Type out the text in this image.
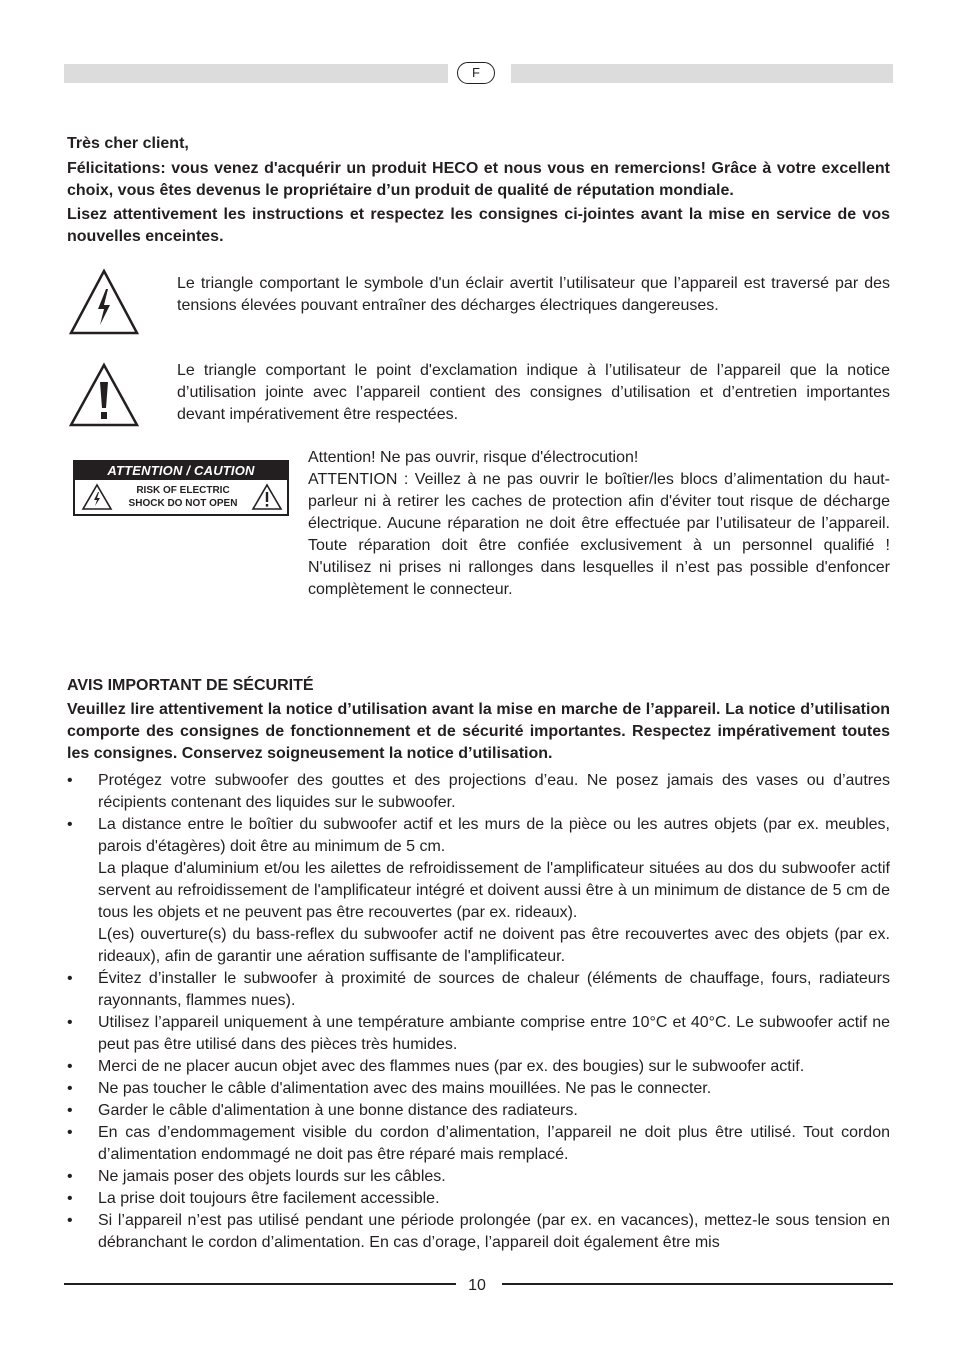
F
Très cher client,
Félicitations: vous venez d'acquérir un produit HECO et nous vous en remercions! Grâce à votre excellent choix, vous êtes devenus le propriétaire d’un produit de qualité de réputation mondiale.
Lisez attentivement les instructions et respectez les consignes ci-jointes avant la mise en service de vos nouvelles enceintes.
Le triangle comportant le symbole d'un éclair avertit l’utilisateur que l’appareil est traversé par des tensions élevées pouvant entraîner des décharges électriques dangereuses.
Le triangle comportant le point d'exclamation indique à l’utilisateur de l’appareil que la notice d’utilisation jointe avec l’appareil contient des consignes d’utilisation et d’entretien importantes devant impérativement être respectées.
ATTENTION / CAUTION
RISK OF ELECTRIC
SHOCK DO NOT OPEN
Attention! Ne pas ouvrir, risque d'électrocution!
ATTENTION : Veillez à ne pas ouvrir le boîtier/les blocs d’alimentation du haut-parleur ni à retirer les caches de protection afin d'éviter tout risque de décharge électrique. Aucune réparation ne doit être effectuée par l’utilisateur de l’appareil. Toute réparation doit être confiée exclusivement à un personnel qualifié ! N'utilisez ni prises ni rallonges dans lesquelles il n’est pas possible d'enfoncer complètement le connecteur.
AVIS IMPORTANT DE SÉCURITÉ
Veuillez lire attentivement la notice d’utilisation avant la mise en marche de l’appareil. La notice d’utilisation comporte des consignes de fonctionnement et de sécurité importantes. Respectez impérativement toutes les consignes. Conservez soigneusement la notice d’utilisation.
• Protégez votre subwoofer des gouttes et des projections d’eau. Ne posez jamais des vases ou d’autres récipients contenant des liquides sur le subwoofer.
• La distance entre le boîtier du subwoofer actif et les murs de la pièce ou les autres objets (par ex. meubles, parois d'étagères) doit être au minimum de 5 cm.

La plaque d'aluminium et/ou les ailettes de refroidissement de l'amplificateur situées au dos du subwoofer actif servent au refroidissement de l'amplificateur intégré et doivent aussi être à un minimum de distance de 5 cm de tous les objets et ne peuvent pas être recouvertes (par ex. rideaux).

L(es) ouverture(s) du bass-reflex du subwoofer actif ne doivent pas être recouvertes avec des objets (par ex. rideaux), afin de garantir une aération suffisante de l'amplificateur.

• Évitez d’installer le subwoofer à proximité de sources de chaleur (éléments de chauffage, fours, radiateurs rayonnants, flammes nues).
• Utilisez l’appareil uniquement à une température ambiante comprise entre 10°C et 40°C. Le subwoofer actif ne peut pas être utilisé dans des pièces très humides.
• Merci de ne placer aucun objet avec des flammes nues (par ex. des bougies) sur le subwoofer actif.
• Ne pas toucher le câble d'alimentation avec des mains mouillées. Ne pas le connecter.
• Garder le câble d'alimentation à une bonne distance des radiateurs.
• En cas d’endommagement visible du cordon d’alimentation, l’appareil ne doit plus être utilisé. Tout cordon d’alimentation endommagé ne doit pas être réparé mais remplacé.
• Ne jamais poser des objets lourds sur les câbles.
• La prise doit toujours être facilement accessible.
• Si l’appareil n’est pas utilisé pendant une période prolongée (par ex. en vacances), mettez-le sous tension en débranchant le cordon d’alimentation. En cas d’orage, l’appareil doit également être mis
10
